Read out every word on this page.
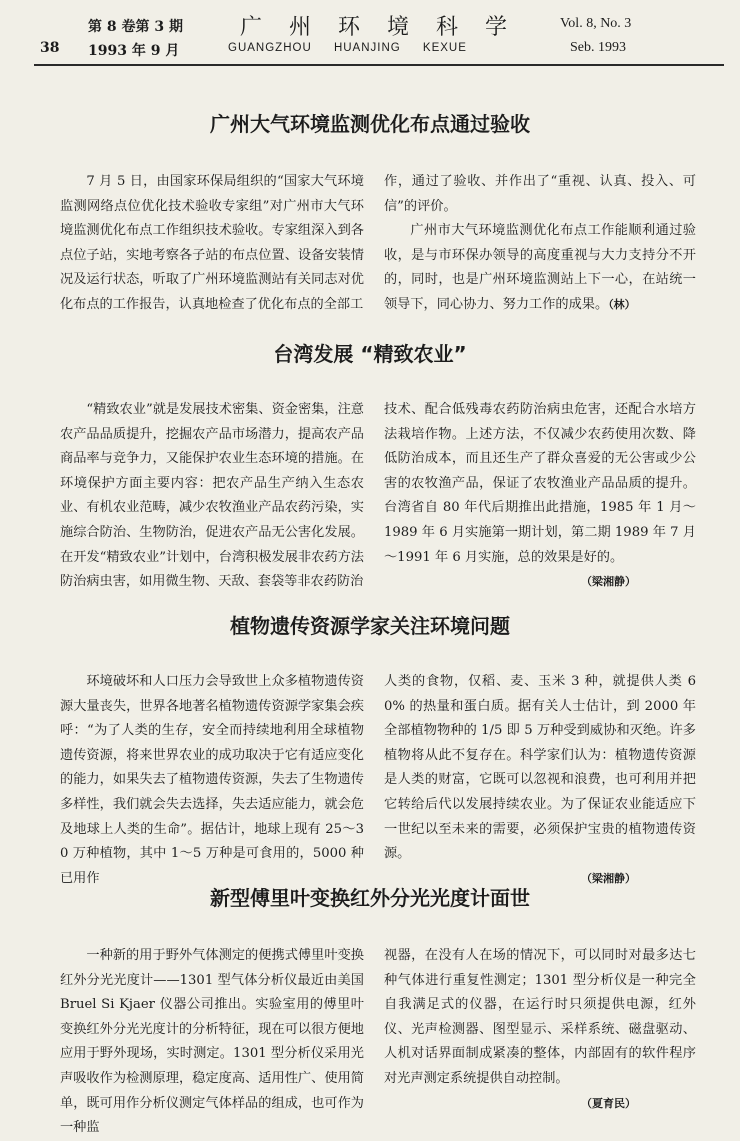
38
第 8 卷第 3 期
1993 年 9 月
广 州 环 境 科 学
GUANGZHOU HUANJING KEXUE
Vol. 8, No. 3
Seb. 1993
广州大气环境监测优化布点通过验收

7 月 5 日，由国家环保局组织的“国家大气环境监测网络点位优化技术验收专家组”对广州市大气环境监测优化布点工作组织技术验收。专家组深入到各点位子站，实地考察各子站的布点位置、设备安装情况及运行状态，听取了广州环境监测站有关同志对优化布点的工作报告，认真地检查了优化布点的全部工

作，通过了验收、并作出了“重视、认真、投入、可信”的评价。

广州市大气环境监测优化布点工作能顺利通过验收，是与市环保办领导的高度重视与大力支持分不开的，同时，也是广州环境监测站上下一心，在站统一领导下，同心协力、努力工作的成果。（林）

台湾发展 “精致农业”

“精致农业”就是发展技术密集、资金密集，注意农产品品质提升，挖掘农产品市场潜力，提高农产品商品率与竞争力，又能保护农业生态环境的措施。在环境保护方面主要内容：把农产品生产纳入生态农业、有机农业范畴，减少农牧渔业产品农药污染，实施综合防治、生物防治，促进农产品无公害化发展。在开发“精致农业”计划中，台湾积极发展非农药方法防治病虫害，如用微生物、天敌、套袋等非农药防治

技术、配合低残毒农药防治病虫危害，还配合水培方法栽培作物。上述方法，不仅减少农药使用次数、降低防治成本，而且还生产了群众喜爱的无公害或少公害的农牧渔产品，保证了农牧渔业产品品质的提升。台湾省自 80 年代后期推出此措施，1985 年 1 月～1989 年 6 月实施第一期计划，第二期 1989 年 7 月～1991 年 6 月实施，总的效果是好的。

（梁湘静）
植物遗传资源学家关注环境问题

环境破坏和人口压力会导致世上众多植物遗传资源大量丧失，世界各地著名植物遗传资源学家集会疾呼：“为了人类的生存，安全而持续地利用全球植物遗传资源，将来世界农业的成功取决于它有适应变化的能力，如果失去了植物遗传资源，失去了生物遗传多样性，我们就会失去选择，失去适应能力，就会危及地球上人类的生命”。据估计，地球上现有 25～30 万种植物，其中 1～5 万种是可食用的，5000 种已用作

人类的食物，仅稻、麦、玉米 3 种，就提供人类 60% 的热量和蛋白质。据有关人士估计，到 2000 年全部植物物种的 1/5 即 5 万种受到威协和灭绝。许多植物将从此不复存在。科学家们认为：植物遗传资源是人类的财富，它既可以忽视和浪费，也可利用并把它转给后代以发展持续农业。为了保证农业能适应下一世纪以至未来的需要，必须保护宝贵的植物遗传资源。

（梁湘静）
新型傅里叶变换红外分光光度计面世

一种新的用于野外气体测定的便携式傅里叶变换红外分光光度计——1301 型气体分析仪最近由美国 Bruel Si Kjaer 仪器公司推出。实验室用的傅里叶变换红外分光光度计的分析特征，现在可以很方便地应用于野外现场，实时测定。1301 型分析仪采用光声吸收作为检测原理，稳定度高、适用性广、使用简单，既可用作分析仪测定气体样品的组成，也可作为一种监

视器，在没有人在场的情况下，可以同时对最多达七种气体进行重复性测定；1301 型分析仪是一种完全自我满足式的仪器，在运行时只须提供电源，红外仪、光声检测器、图型显示、采样系统、磁盘驱动、人机对话界面制成紧凑的整体，内部固有的软件程序对光声测定系统提供自动控制。

（夏育民）
